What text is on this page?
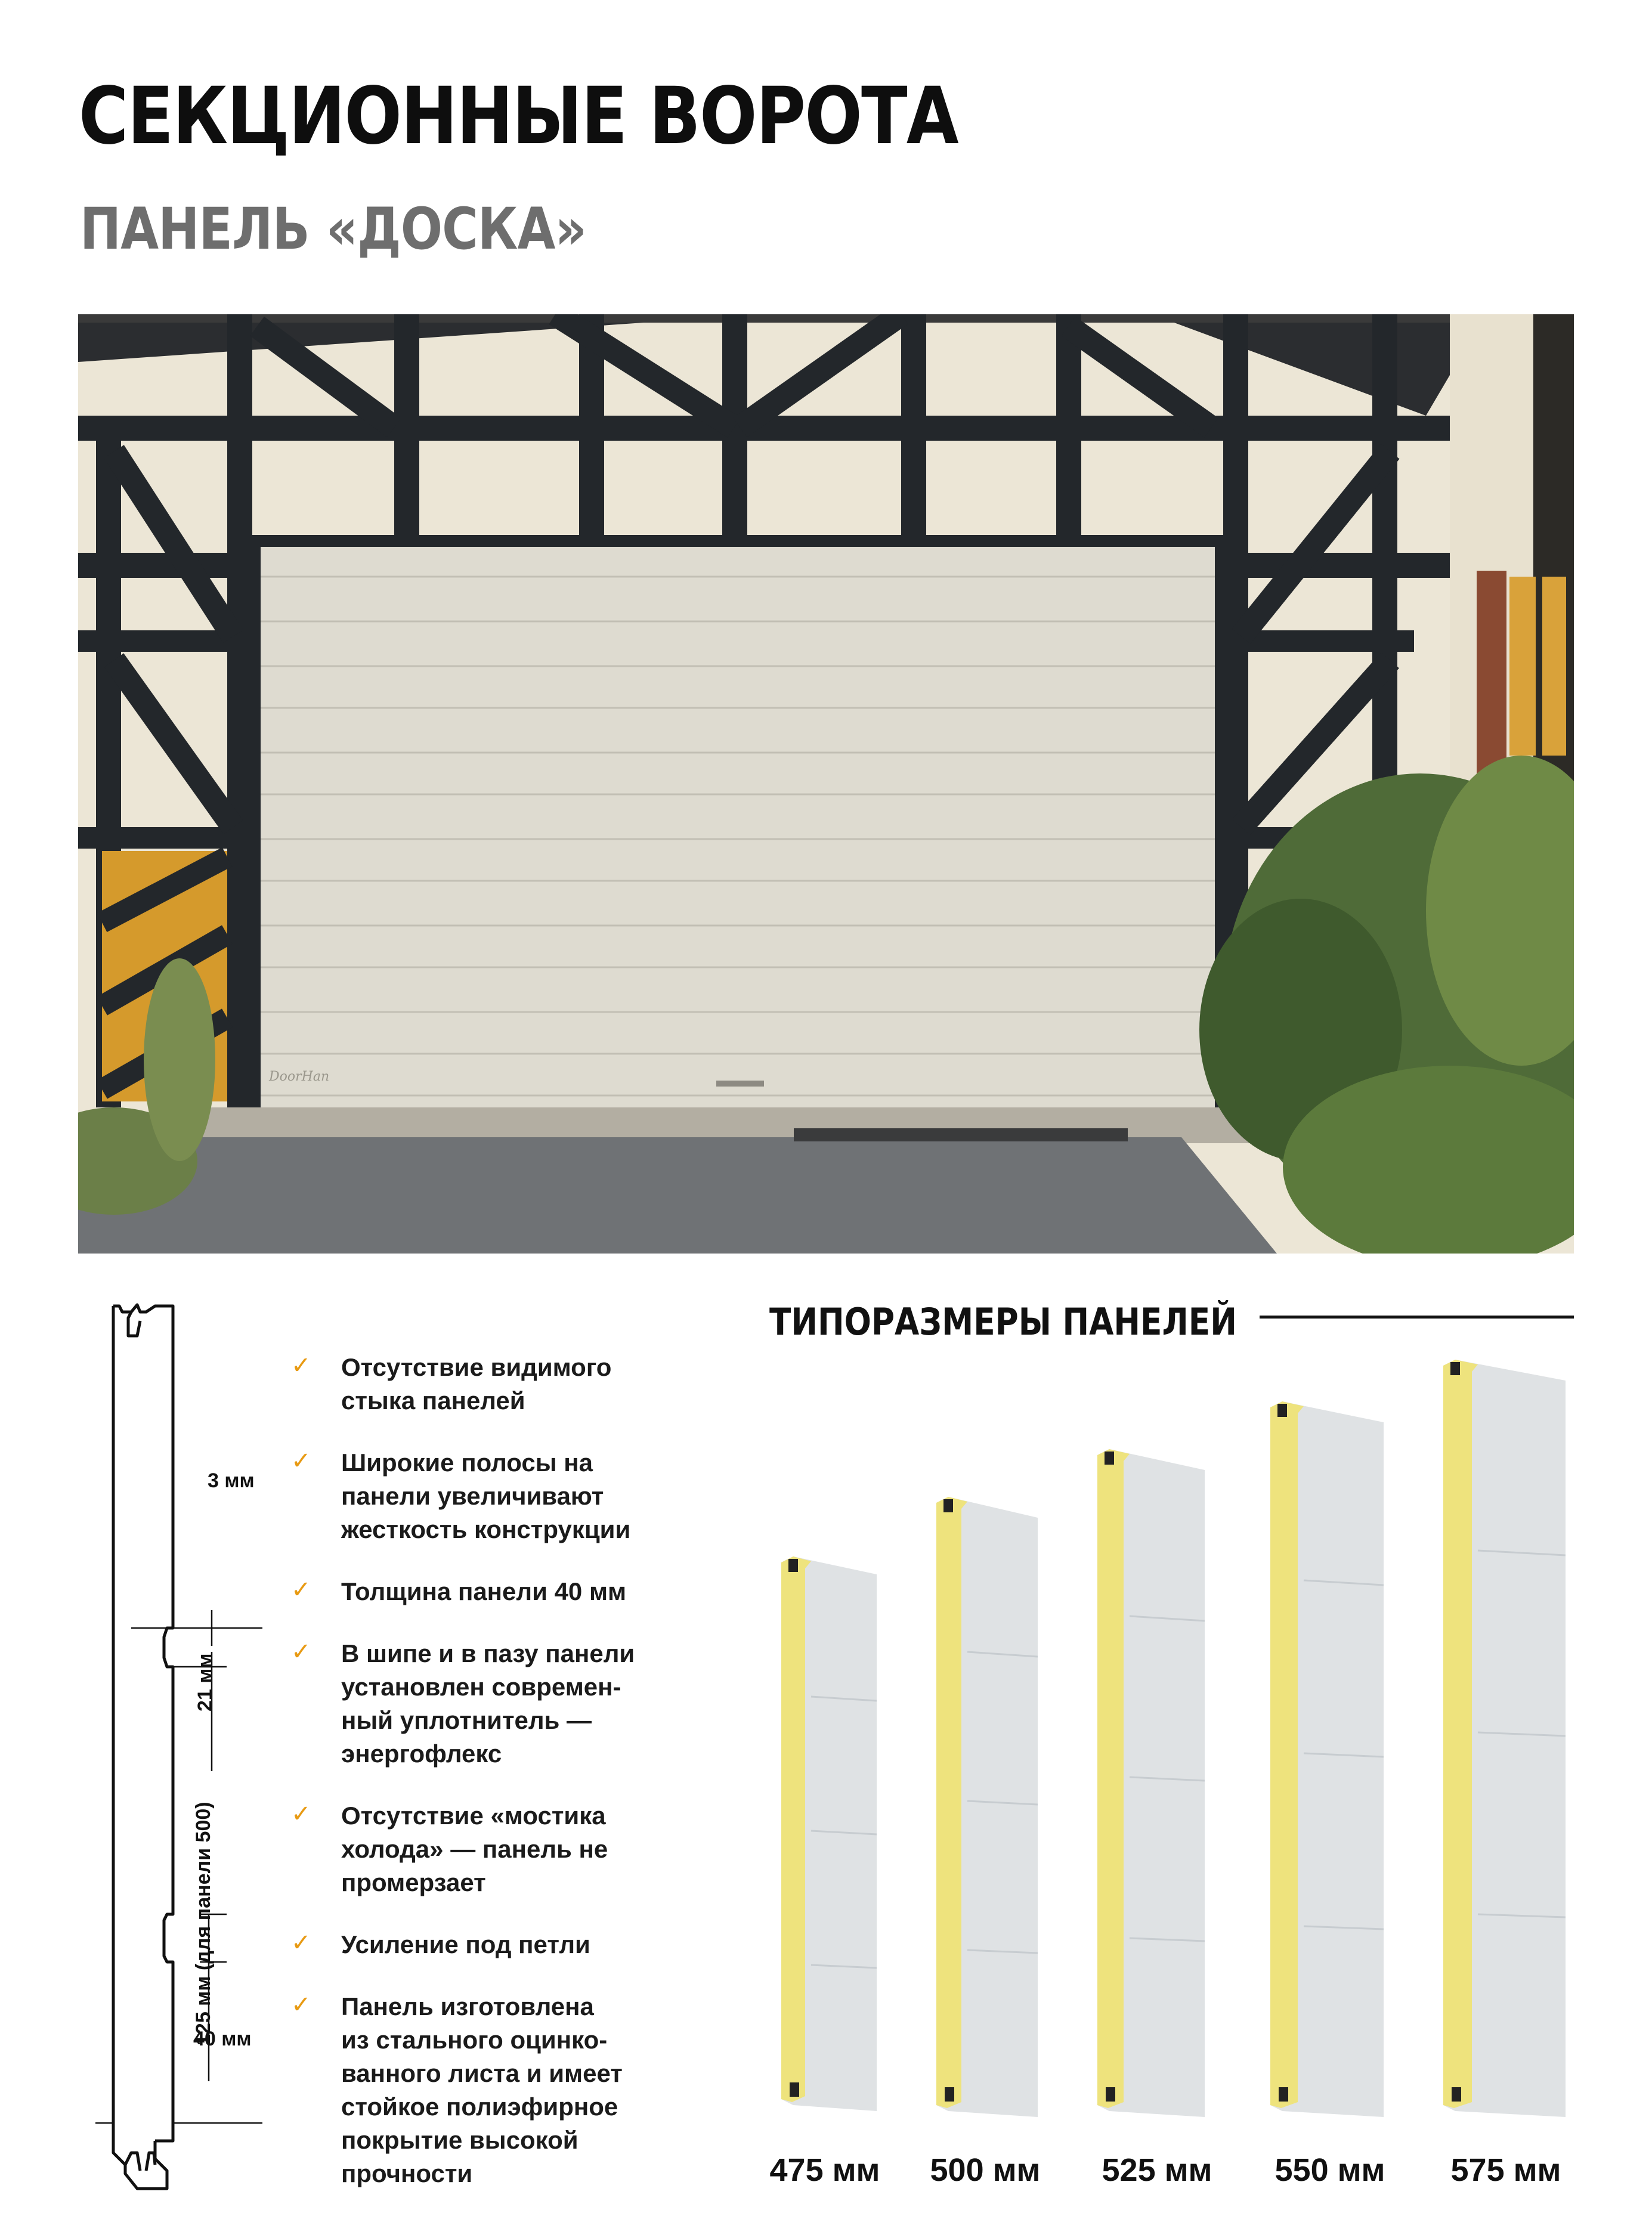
СЕКЦИОННЫЕ ВОРОТА
ПАНЕЛЬ «ДОСКА»
DoorHan
3 мм
21 мм
125 мм (для панели 500)
40 мм
✓ Отсутствие видимого
стыка панелей
✓ Широкие полосы на
панели увеличивают
жесткость конструкции
✓ Толщина панели 40 мм
✓ В шипе и в пазу панели
установлен современ-
ный уплотнитель —
энергофлекс
✓ Отсутствие «мостика
холода» — панель не
промерзает
✓ Усиление под петли
✓ Панель изготовлена
из стального оцинко-
ванного листа и имеет
стойкое полиэфирное
покрытие высокой
прочности
ТИПОРАЗМЕРЫ ПАНЕЛЕЙ
475 мм	500 мм	525 мм	550 мм	575 мм
